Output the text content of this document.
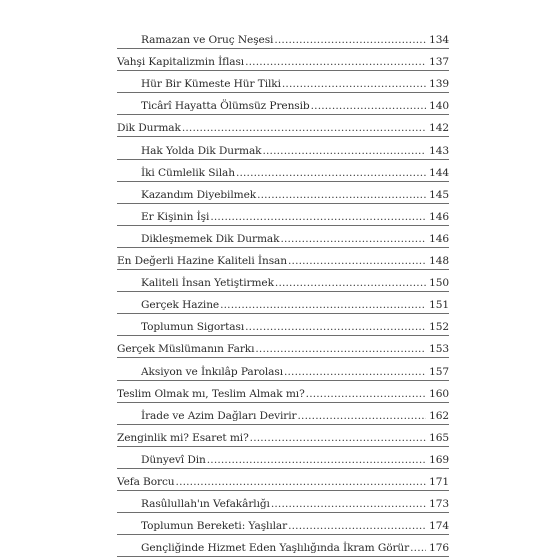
Ramazan ve Oruç Neşesi . . .	134
Vahşi Kapitalizmin İflası . . .	137
Hür Bir Kümeste Hür Tilki . . .	139
Ticârî Hayatta Ölümsüz Prensib . . .	140
Dik Durmak . . .	142
Hak Yolda Dik Durmak . . .	143
İki Cümlelik Silah . . .	144
Kazandım Diyebilmek . . .	145
Er Kişinin İşi . . .	146
Dikleşmemek Dik Durmak . . .	146
En Değerli Hazine Kaliteli İnsan . . .	148
Kaliteli İnsan Yetiştirmek . . .	150
Gerçek Hazine . . .	151
Toplumun Sigortası . . .	152
Gerçek Müslümanın Farkı . . .	153
Aksiyon ve İnkılâp Parolası . . .	157
Teslim Olmak mı, Teslim Almak mı? . . .	160
İrade ve Azim Dağları Devirir . . .	162
Zenginlik mi? Esaret mi? . . .	165
Dünyevî Din . . .	169
Vefa Borcu . . .	171
Rasûlullah'ın Vefakârlığı . . .	173
Toplumun Bereketi: Yaşlılar . . .	174
Gençliğinde Hizmet Eden Yaşlılığında İkram Görür . . . 176
